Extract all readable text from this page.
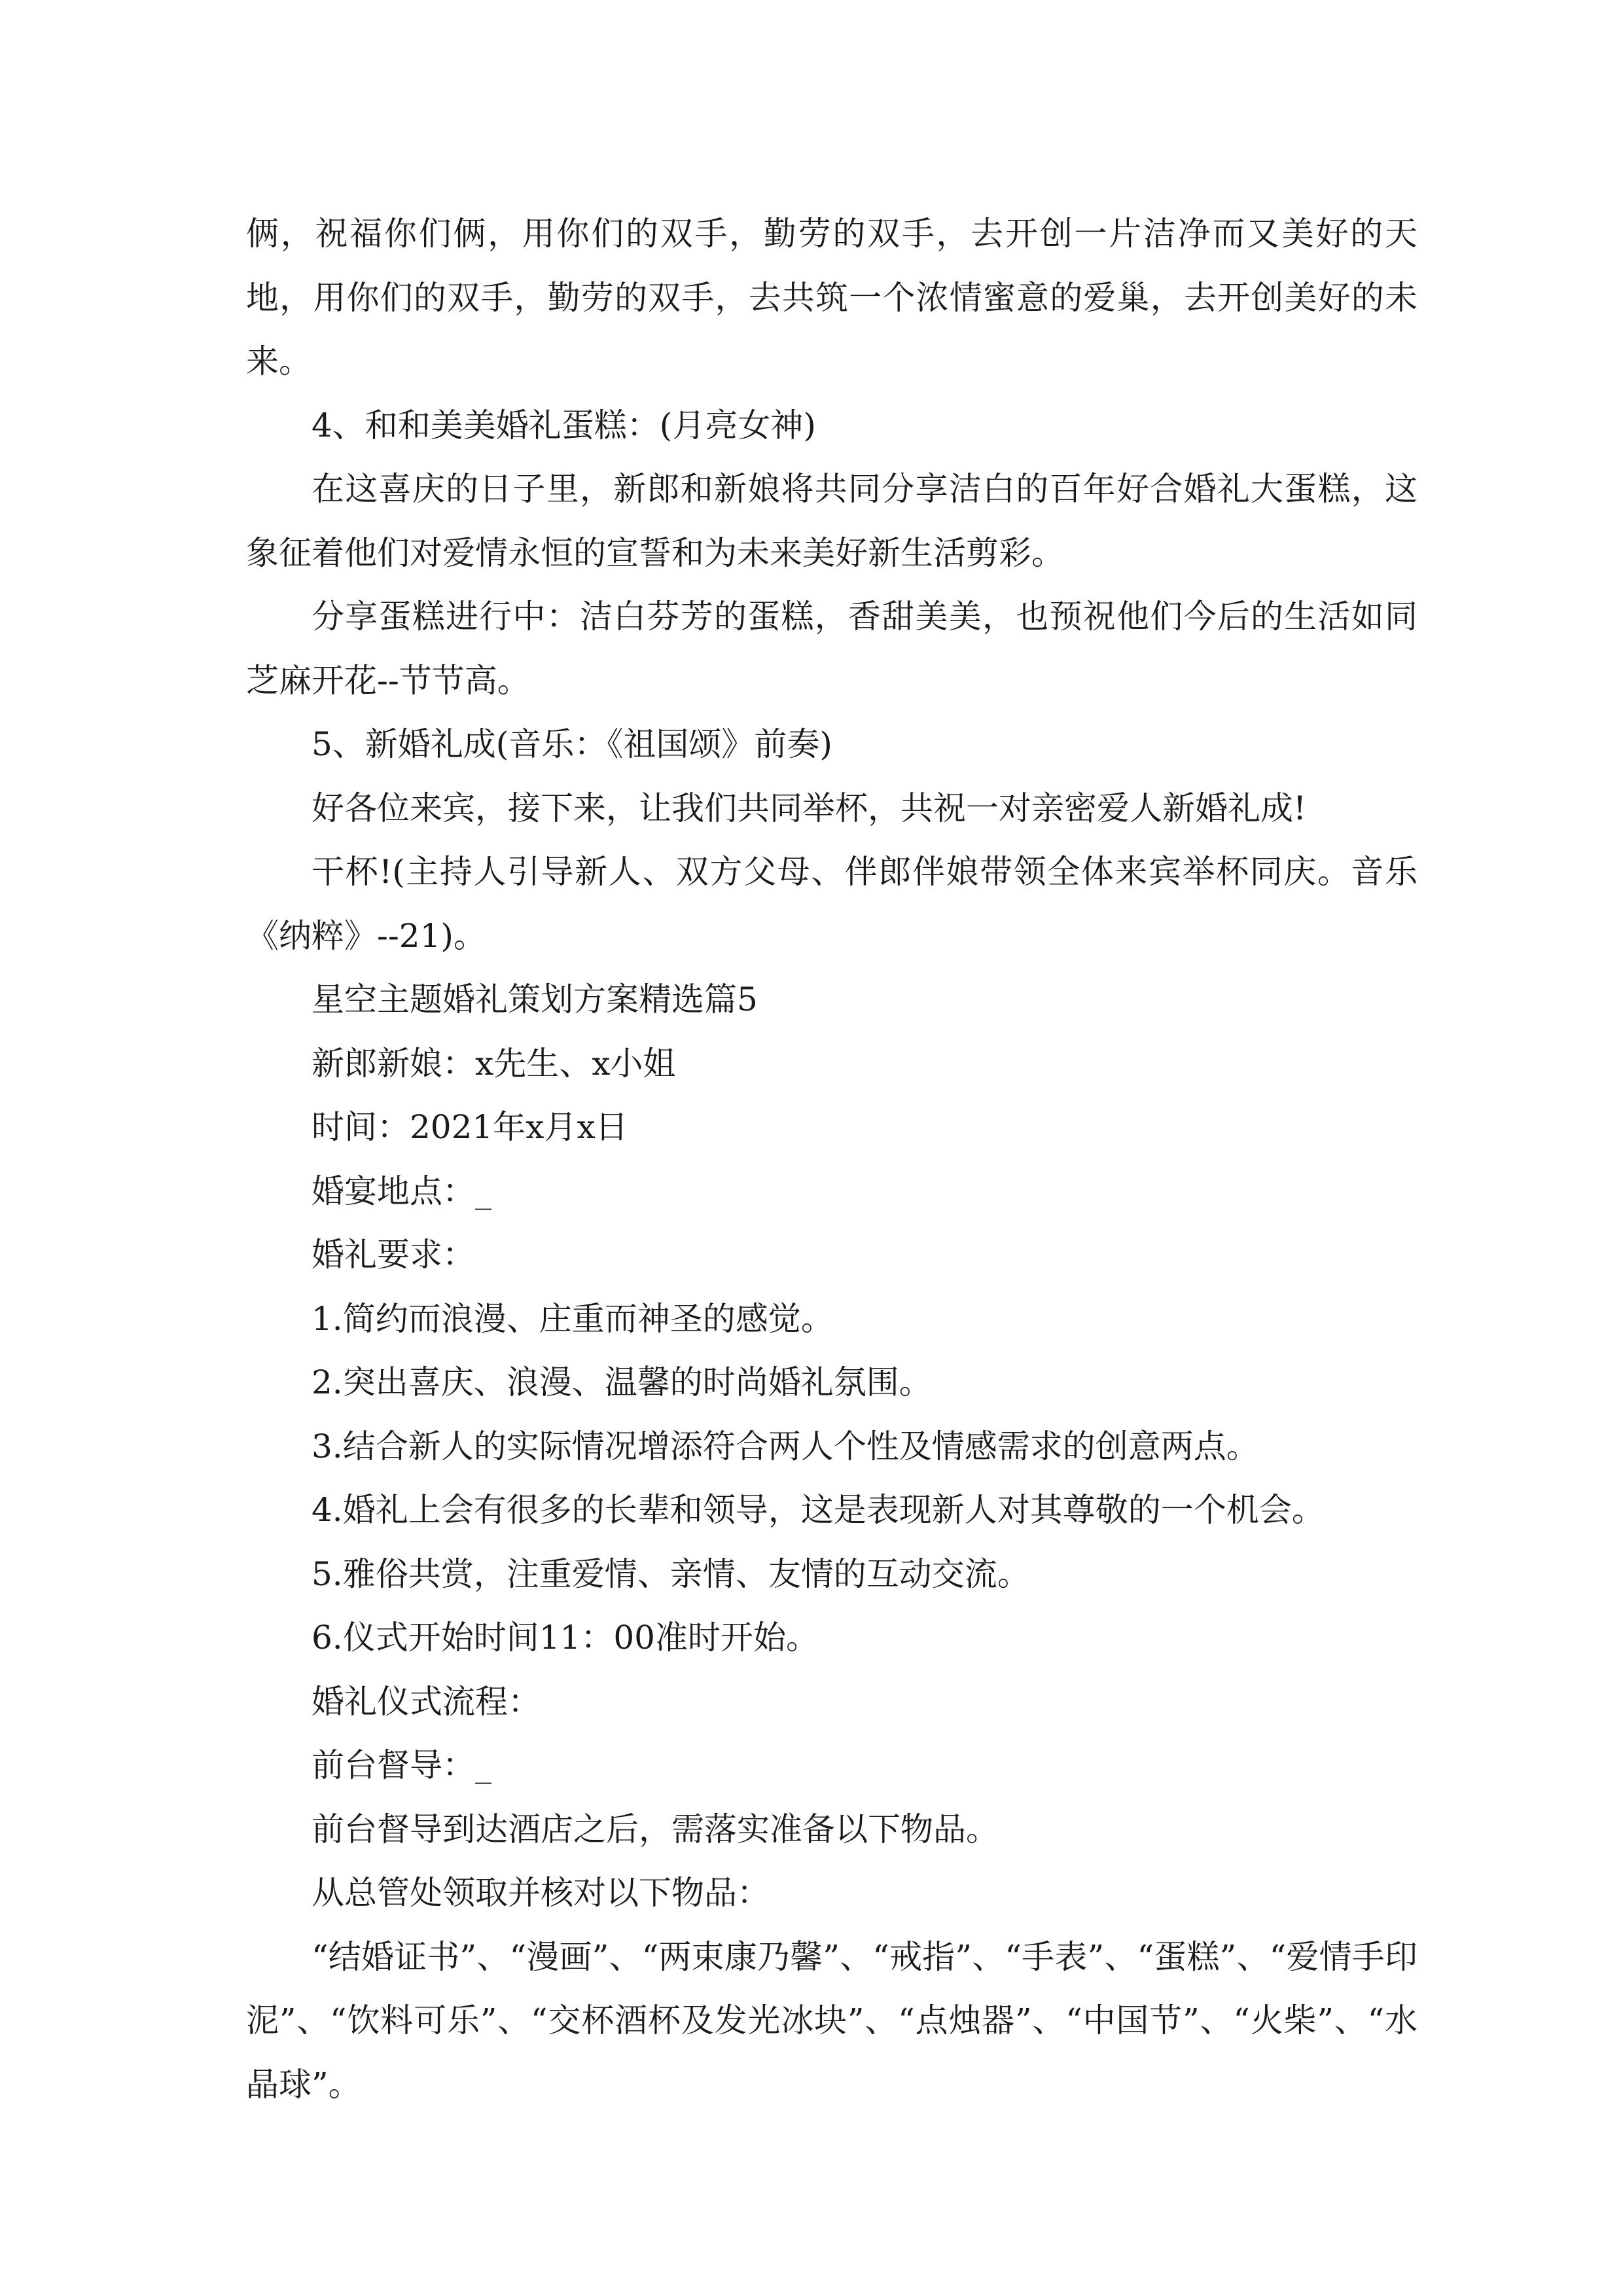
俩，祝福你们俩，用你们的双手，勤劳的双手，去开创一片洁净而又美好的天地，用你们的双手，勤劳的双手，去共筑一个浓情蜜意的爱巢，去开创美好的未来。

4、和和美美婚礼蛋糕：(月亮女神)

在这喜庆的日子里，新郎和新娘将共同分享洁白的百年好合婚礼大蛋糕，这象征着他们对爱情永恒的宣誓和为未来美好新生活剪彩。

分享蛋糕进行中：洁白芬芳的蛋糕，香甜美美，也预祝他们今后的生活如同芝麻开花--节节高。

5、新婚礼成(音乐：《祖国颂》前奏)

好各位来宾，接下来，让我们共同举杯，共祝一对亲密爱人新婚礼成!

干杯!(主持人引导新人、双方父母、伴郎伴娘带领全体来宾举杯同庆。音乐《纳粹》--21)。

星空主题婚礼策划方案精选篇5

新郎新娘：x先生、x小姐

时间：2021年x月x日

婚宴地点：_

婚礼要求：

1.简约而浪漫、庄重而神圣的感觉。

2.突出喜庆、浪漫、温馨的时尚婚礼氛围。

3.结合新人的实际情况增添符合两人个性及情感需求的创意两点。

4.婚礼上会有很多的长辈和领导，这是表现新人对其尊敬的一个机会。

5.雅俗共赏，注重爱情、亲情、友情的互动交流。

6.仪式开始时间11：00准时开始。

婚礼仪式流程：

前台督导：_

前台督导到达酒店之后，需落实准备以下物品。

从总管处领取并核对以下物品：

“结婚证书”、“漫画”、“两束康乃馨”、“戒指”、“手表”、“蛋糕”、“爱情手印泥”、“饮料可乐”、“交杯酒杯及发光冰块”、“点烛器”、“中国节”、“火柴”、“水晶球”。
